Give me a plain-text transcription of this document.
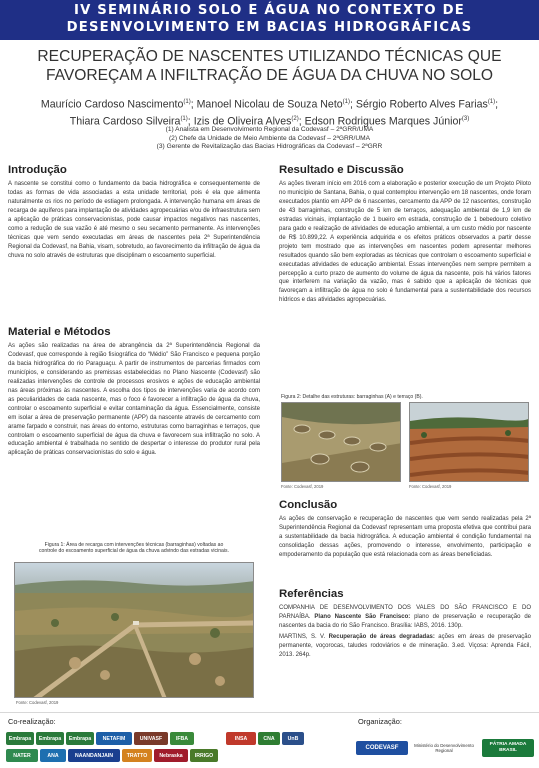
IV SEMINÁRIO SOLO E ÁGUA NO CONTEXTO DE
DESENVOLVIMENTO EM BACIAS HIDROGRÁFICAS
RECUPERAÇÃO DE NASCENTES UTILIZANDO TÉCNICAS QUE
FAVOREÇAM A INFILTRAÇÃO DE ÁGUA DA CHUVA NO SOLO
Maurício Cardoso Nascimento$^{(1)}$; Manoel Nicolau de Souza Neto$^{(1)}$; Sérgio Roberto Alves Farias$^{(1)}$;
Thiara Cardoso Silveira$^{(1)}$; Izis de Oliveira Alves$^{(2)}$; Edson Rodrigues Marques Júnior$^{(3)}$
(1) Analista em Desenvolvimento Regional da Codevasf – 2ªGRR/UMA
(2) Chefe da Unidade de Meio Ambiente da Codevasf – 2ªGRR/UMA
(3) Gerente de Revitalização das Bacias Hidrográficas da Codevasf – 2ªGRR
Introdução

A nascente se constitui como o fundamento da bacia hidrográfica e consequentemente de todas as formas de vida associadas a esta unidade territorial, pois é ela que alimenta naturalmente os rios no período de estiagem prolongada. A intervenção humana em áreas de recarga de aquíferos para implantação de atividades agropecuárias e/ou de infraestrutura sem a aplicação de práticas conservacionistas, pode causar impactos negativos nas nascentes, como a redução de sua vazão é até mesmo o seu secamento permanente. As intervenções técnicas que vem sendo executadas em áreas de nascentes pela 2ª Superintendência Regional da Codevasf, na Bahia, visam, sobretudo, ao favorecimento da infiltração de água da chuva no solo através de estruturas que disciplinam o escoamento superficial.

Material e Métodos

As ações são realizadas na área de abrangência da 2ª Superintendência Regional da Codevasf, que corresponde à região fisiográfica do “Médio” São Francisco e pequena porção da bacia hidrográfica do rio Paraguaçu. A partir de instrumentos de parcerias firmados com municípios, e considerando as premissas estabelecidas no Plano Nascente (Codevasf) são realizadas intervenções de controle de processos erosivos e ações de educação ambiental nas áreas próximas às nascentes. A escolha dos tipos de intervenções varia de acordo com as peculiaridades de cada nascente, mas o foco é favorecer a infiltração de água da chuva, controlar o escoamento superficial e evitar contaminação da água. Essencialmente, consiste em isolar a área de preservação permanente (APP) da nascente através de cercamento com arame farpado e construir, nas áreas do entorno, estruturas como barraginhas e terraços, que controlam o escoamento superficial de água da chuva e favorecem sua infiltração no solo. A educação ambiental é trabalhada no sentido de despertar o interesse do produtor rural pela aplicação de práticas conservacionistas do solo e água.

Figura 1: Área de recarga com intervenções técnicas (barraginhas) voltadas ao controle do escoamento superficial de água da chuva advindo das estradas vicinais.
Fonte: Codevasf, 2019
Resultado e Discussão

As ações tiveram início em 2016 com a elaboração e posterior execução de um Projeto Piloto no município de Santana, Bahia, o qual contemplou intervenção em 18 nascentes, onde foram executados plantio em APP de 6 nascentes, cercamento da APP de 12 nascentes, construção de 43 barraginhas, construção de 5 km de terraços, adequação ambiental de 1,9 km de estradas vicinais, implantação de 1 bueiro em estrada, construção de 1 bebedouro coletivo para gado e realização de atividades de educação ambiental, a um custo médio por nascente de R$ 10.899,22. A experiência adquirida e os efeitos práticos observados a partir desse projeto tem mostrado que as intervenções em nascentes podem apresentar melhores resultados quando são bem exploradas as técnicas que controlam o escoamento superficial e executadas atividades de educação ambiental. Essas intervenções nem sempre permitem a percepção a curto prazo de aumento do volume de água da nascente, pois há vários fatores que interferem na variação da vazão, mas é sabido que a aplicação de técnicas que favoreçam a infiltração de água no solo é fundamental para a sustentabilidade dos recursos hídricos e das atividades agropecuárias.

Figura 2: Detalhe das estruturas: barraginhas (A) e terraço (B).
Fonte: Codevasf, 2019	Fonte: Codevasf, 2019
Conclusão

As ações de conservação e recuperação de nascentes que vem sendo realizadas pela 2ª Superintendência Regional da Codevasf representam uma proposta efetiva que contribui para a sustentabilidade da bacia hidrográfica. A educação ambiental é condição fundamental na consolidação dessas ações, promovendo o interesse, envolvimento, participação e empoderamento da população que está relacionada com as áreas beneficiadas.

Referências

COMPANHIA DE DESENVOLVIMENTO DOS VALES DO SÃO FRANCISCO E DO PARNAÍBA. Plano Nascente São Francisco: plano de preservação e recuperação de nascentes da bacia do rio São Francisco. Brasília: IABS, 2016. 130p.

MARTINS, S. V. Recuperação de áreas degradadas: ações em áreas de preservação permanente, voçorocas, taludes rodoviários e de mineração. 3.ed. Viçosa: Aprenda Fácil, 2013. 264p.

Co-realização:	Organização:
Embrapa	Embrapa	Embrapa	NETAFIM	UNIVASF	IFBA	INSA	CNA	UnB
NATER	ANA	NAANDANJAIN	TRATTO	Nebraska	IRRIGO
CODEVASF	Ministério do Desenvolvimento Regional
PÁTRIA AMADA BRASIL
